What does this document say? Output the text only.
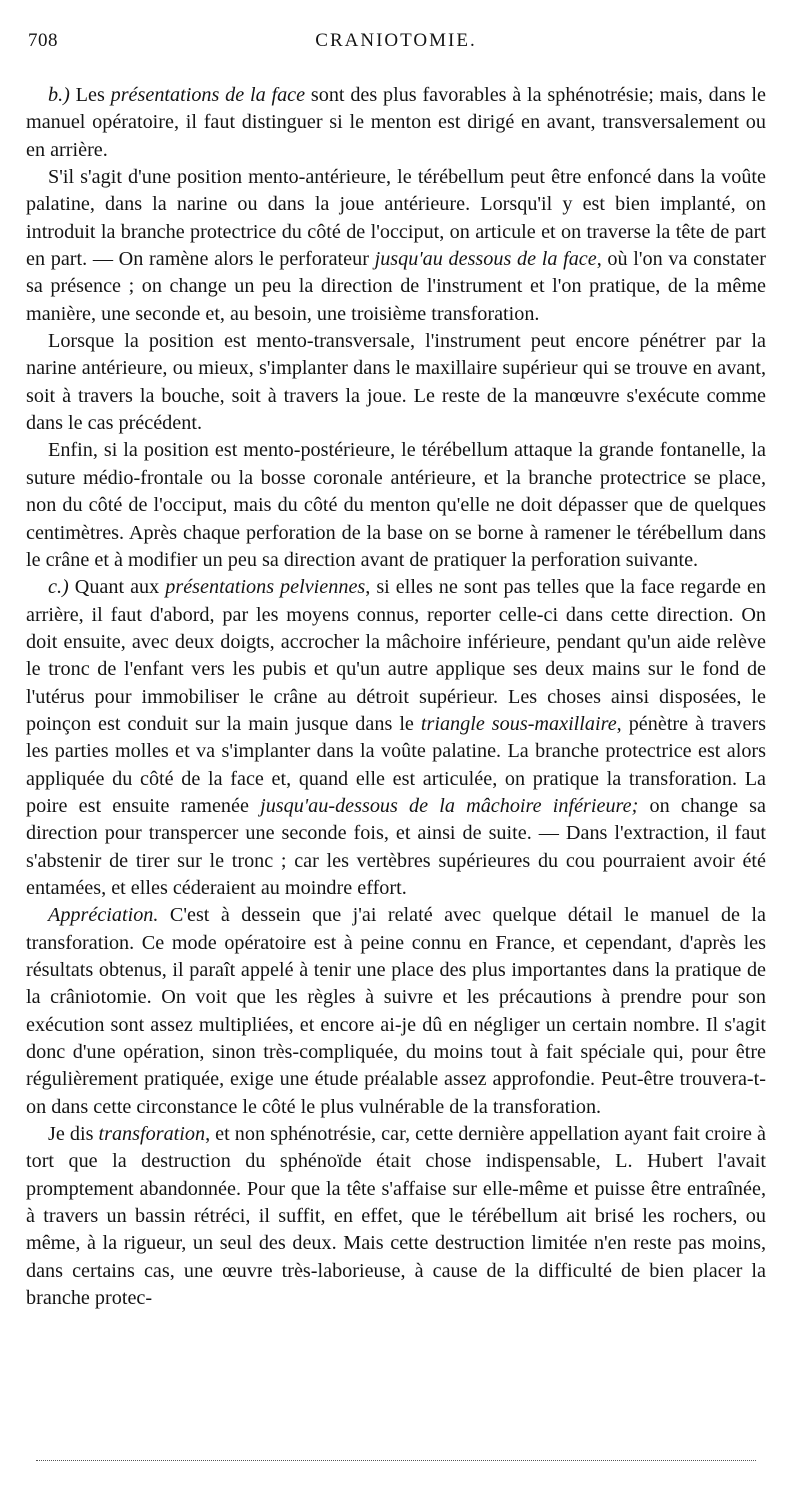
708	CRANIOTOMIE.

b.) Les présentations de la face sont des plus favorables à la sphénotrésie; mais, dans le manuel opératoire, il faut distinguer si le menton est dirigé en avant, transversalement ou en arrière.

S'il s'agit d'une position mento-antérieure, le térébellum peut être enfoncé dans la voûte palatine, dans la narine ou dans la joue antérieure. Lorsqu'il y est bien implanté, on introduit la branche protectrice du côté de l'occiput, on articule et on traverse la tête de part en part. — On ramène alors le perforateur jusqu'au dessous de la face, où l'on va constater sa présence ; on change un peu la direction de l'instrument et l'on pratique, de la même manière, une seconde et, au besoin, une troisième transforation.

Lorsque la position est mento-transversale, l'instrument peut encore pénétrer par la narine antérieure, ou mieux, s'implanter dans le maxillaire supérieur qui se trouve en avant, soit à travers la bouche, soit à travers la joue. Le reste de la manœuvre s'exécute comme dans le cas précédent.

Enfin, si la position est mento-postérieure, le térébellum attaque la grande fontanelle, la suture médio-frontale ou la bosse coronale antérieure, et la branche protectrice se place, non du côté de l'occiput, mais du côté du menton qu'elle ne doit dépasser que de quelques centimètres. Après chaque perforation de la base on se borne à ramener le térébellum dans le crâne et à modifier un peu sa direction avant de pratiquer la perforation suivante.

c.) Quant aux présentations pelviennes, si elles ne sont pas telles que la face regarde en arrière, il faut d'abord, par les moyens connus, reporter celle-ci dans cette direction. On doit ensuite, avec deux doigts, accrocher la mâchoire inférieure, pendant qu'un aide relève le tronc de l'enfant vers les pubis et qu'un autre applique ses deux mains sur le fond de l'utérus pour immobiliser le crâne au détroit supérieur. Les choses ainsi disposées, le poinçon est conduit sur la main jusque dans le triangle sous-maxillaire, pénètre à travers les parties molles et va s'implanter dans la voûte palatine. La branche protectrice est alors appliquée du côté de la face et, quand elle est articulée, on pratique la transforation. La poire est ensuite ramenée jusqu'au-dessous de la mâchoire inférieure; on change sa direction pour transpercer une seconde fois, et ainsi de suite. — Dans l'extraction, il faut s'abstenir de tirer sur le tronc ; car les vertèbres supérieures du cou pourraient avoir été entamées, et elles céderaient au moindre effort.

Appréciation. C'est à dessein que j'ai relaté avec quelque détail le manuel de la transforation. Ce mode opératoire est à peine connu en France, et cependant, d'après les résultats obtenus, il paraît appelé à tenir une place des plus importantes dans la pratique de la crâniotomie. On voit que les règles à suivre et les précautions à prendre pour son exécution sont assez multipliées, et encore ai-je dû en négliger un certain nombre. Il s'agit donc d'une opération, sinon très-compliquée, du moins tout à fait spéciale qui, pour être régulièrement pratiquée, exige une étude préalable assez approfondie. Peut-être trouvera-t-on dans cette circonstance le côté le plus vulnérable de la transforation.

Je dis transforation, et non sphénotrésie, car, cette dernière appellation ayant fait croire à tort que la destruction du sphénoïde était chose indispensable, L. Hubert l'avait promptement abandonnée. Pour que la tête s'affaise sur elle-même et puisse être entraînée, à travers un bassin rétréci, il suffit, en effet, que le térébellum ait brisé les rochers, ou même, à la rigueur, un seul des deux. Mais cette destruction limitée n'en reste pas moins, dans certains cas, une œuvre très-laborieuse, à cause de la difficulté de bien placer la branche protec-
